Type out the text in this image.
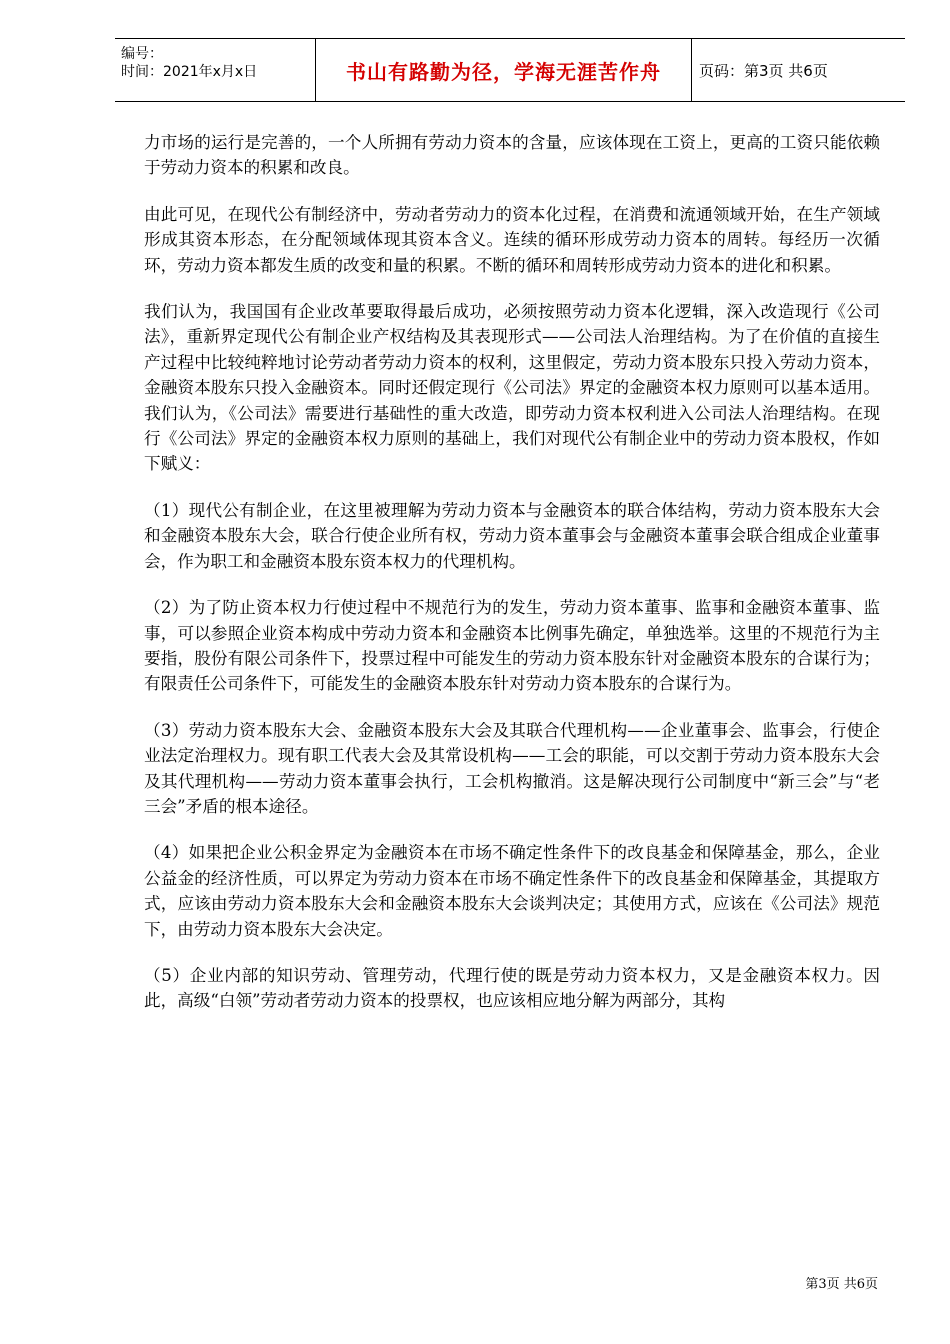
编号：
时间：2021年x月x日	书山有路勤为径，学海无涯苦作舟	页码：第3页 共6页

力市场的运行是完善的，一个人所拥有劳动力资本的含量，应该体现在工资上，更高的工资只能依赖于劳动力资本的积累和改良。

由此可见，在现代公有制经济中，劳动者劳动力的资本化过程，在消费和流通领域开始，在生产领域形成其资本形态，在分配领域体现其资本含义。连续的循环形成劳动力资本的周转。每经历一次循环，劳动力资本都发生质的改变和量的积累。不断的循环和周转形成劳动力资本的进化和积累。

我们认为，我国国有企业改革要取得最后成功，必须按照劳动力资本化逻辑，深入改造现行《公司法》，重新界定现代公有制企业产权结构及其表现形式——公司法人治理结构。为了在价值的直接生产过程中比较纯粹地讨论劳动者劳动力资本的权利，这里假定，劳动力资本股东只投入劳动力资本，金融资本股东只投入金融资本。同时还假定现行《公司法》界定的金融资本权力原则可以基本适用。我们认为，《公司法》需要进行基础性的重大改造，即劳动力资本权利进入公司法人治理结构。在现行《公司法》界定的金融资本权力原则的基础上，我们对现代公有制企业中的劳动力资本股权，作如下赋义：

（1）现代公有制企业，在这里被理解为劳动力资本与金融资本的联合体结构，劳动力资本股东大会和金融资本股东大会，联合行使企业所有权，劳动力资本董事会与金融资本董事会联合组成企业董事会，作为职工和金融资本股东资本权力的代理机构。

（2）为了防止资本权力行使过程中不规范行为的发生，劳动力资本董事、监事和金融资本董事、监事，可以参照企业资本构成中劳动力资本和金融资本比例事先确定，单独选举。这里的不规范行为主要指，股份有限公司条件下，投票过程中可能发生的劳动力资本股东针对金融资本股东的合谋行为；有限责任公司条件下，可能发生的金融资本股东针对劳动力资本股东的合谋行为。

（3）劳动力资本股东大会、金融资本股东大会及其联合代理机构——企业董事会、监事会，行使企业法定治理权力。现有职工代表大会及其常设机构——工会的职能，可以交割于劳动力资本股东大会及其代理机构——劳动力资本董事会执行，工会机构撤消。这是解决现行公司制度中“新三会”与“老三会”矛盾的根本途径。

（4）如果把企业公积金界定为金融资本在市场不确定性条件下的改良基金和保障基金，那么，企业公益金的经济性质，可以界定为劳动力资本在市场不确定性条件下的改良基金和保障基金，其提取方式，应该由劳动力资本股东大会和金融资本股东大会谈判决定；其使用方式，应该在《公司法》规范下，由劳动力资本股东大会决定。

（5）企业内部的知识劳动、管理劳动，代理行使的既是劳动力资本权力，又是金融资本权力。因此，高级“白领”劳动者劳动力资本的投票权，也应该相应地分解为两部分，其构

第3页 共6页
